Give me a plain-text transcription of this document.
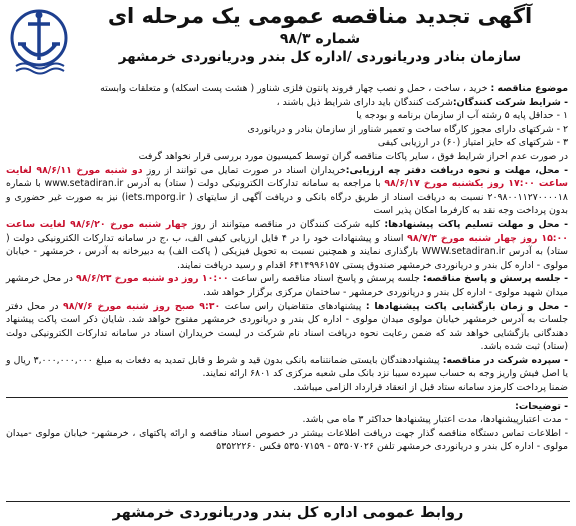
آگهی تجدید مناقصه عمومی یک مرحله ای
شماره ۹۸/۳
سازمان بنادر ودریانوردی /اداره کل بندر ودریانوردی خرمشهر

موضوع مناقصه : خرید ، ساخت ، حمل و نصب چهار فروند پانتون فلزی شناور ( هشت پست اسکله) و متعلقات وابسته

- شرایط شرکت کنندگان:شرکت کنندگان باید دارای شرایط ذیل باشند ،

۱ - حداقل پایه ۵ رشته آب از سازمان برنامه و بودجه یا

۲ - شرکتهای دارای مجوز کارگاه ساخت و تعمیر شناور از سازمان بنادر و دریانوردی

۳ - شرکتهای که حایز امتیاز (۶۰) در ارزیابی کیفی

در صورت عدم احراز شرایط فوق ، سایر پاکات مناقصه گران توسط کمیسیون مورد بررسی قرار نخواهد گرفت

- محل، مهلت و نحوه دریافت دفتر چه ارزیابی:خریداران اسناد در صورت تمایل می توانند از روز دو شنبه مورخ ۹۸/۶/۱۱ لغایت ساعت ۱۷:۰۰ روز یکشنبه مورخ ۹۸/۶/۱۷ با مراجعه به سامانه تدارکات الکترونیکی دولت ( ستاد) به آدرس www.setadiran.ir با شماره ۲۰۹۸۰۰۱۱۲۷۰۰۰۰۱۸ نسبت به دریافت اسناد از طریق درگاه بانکی و دریافت آگهی از سایتهای ( iets.mporg.ir) نیز به صورت غیر حضوری و بدون پرداخت وجه نقد به کارفرما امکان پذیر است

- محل و مهلت تسلیم پاکت پیشنهادها: کلیه شرکت کنندگان در مناقصه میتوانند از روز چهار شنبه مورخ ۹۸/۶/۲۰ لغایت ساعت ۱۵:۰۰ روز چهار شنبه مورخ ۹۸/۷/۳ اسناد و پیشنهادات خود را در ۴ فایل ارزیابی کیفی الف، ب ،ج در سامانه تدارکات الکترونیکی دولت ( ستاد) به آدرس WWW.setadiran.ir بارگذاری نمایند و همچنین نسبت به تحویل فیزیکی ( پاکت الف) به دبیرخانه به آدرس ، خرمشهر - خیابان مولوی - اداره کل بندر و دریانوردی خرمشهر صندوق پستی ۶۴۱۴۹۹۶۱۵۷ اقدام و رسید دریافت نمایند.

- جلسه پرسش و پاسخ مناقصه: جلسه پرسش و پاسخ اسناد مناقصه راس ساعت ۱۰:۰۰ روز دو شنبه مورخ ۹۸/۶/۲۳ در محل خرمشهر میدان شهید مولوی - اداره کل بندر و دریانوردی خرمشهر - ساختمان مرکزی برگزار خواهد شد.

- محل و زمان بازگشایی پاکت پیشنهادها : پیشنهادهای متقاضیان راس ساعت ۹:۳۰ صبح روز شنبه مورخ ۹۸/۷/۶ در محل دفتر جلسات به آدرس خرمشهر خیابان مولوی میدان مولوی - اداره کل بندر و دریانوردی خرمشهر مفتوح خواهد شد. شایان ذکر است پاکت پیشنهاد دهندگانی بازگشایی خواهد شد که ضمن رعایت نحوه دریافت اسناد نام شرکت در لیست خریداران اسناد در سامانه تدارکات الکترونیکی دولت (ستاد) ثبت شده باشد.

- سپرده شرکت در مناقصه: پیشنهاددهندگان بایستی ضمانتنامه بانکی بدون قید و شرط و قابل تمدید به دفعات به مبلغ ۳,۰۰۰,۰۰۰,۰۰۰ ریال و یا اصل فیش واریز وجه به حساب سپرده سیبا نزد بانک ملی شعبه مرکزی کد ۶۸۰۱ ارائه نمایند.

ضمنا پرداخت کارمزد سامانه ستاد قبل از انعقاد قرارداد الزامی میباشد.

- توضیحات:

- مدت اعتبارپیشنهادها، مدت اعتبار پیشنهادها حداکثر ۳ ماه می باشد.

- اطلاعات تماس دستگاه مناقصه گذار جهت دریافت اطلاعات بیشتر در خصوص اسناد مناقصه و ارائه پاکتهای ، خرمشهر- خیابان مولوی -میدان مولوی - اداره کل بندر و دریانوردی خرمشهر تلفن ۵۳۵۰۷۰۲۶ - ۵۳۵۰۷۱۵۹ فکس ۵۳۵۲۲۲۶۰

روابط عمومی اداره کل بندر ودریانوردی خرمشهر
